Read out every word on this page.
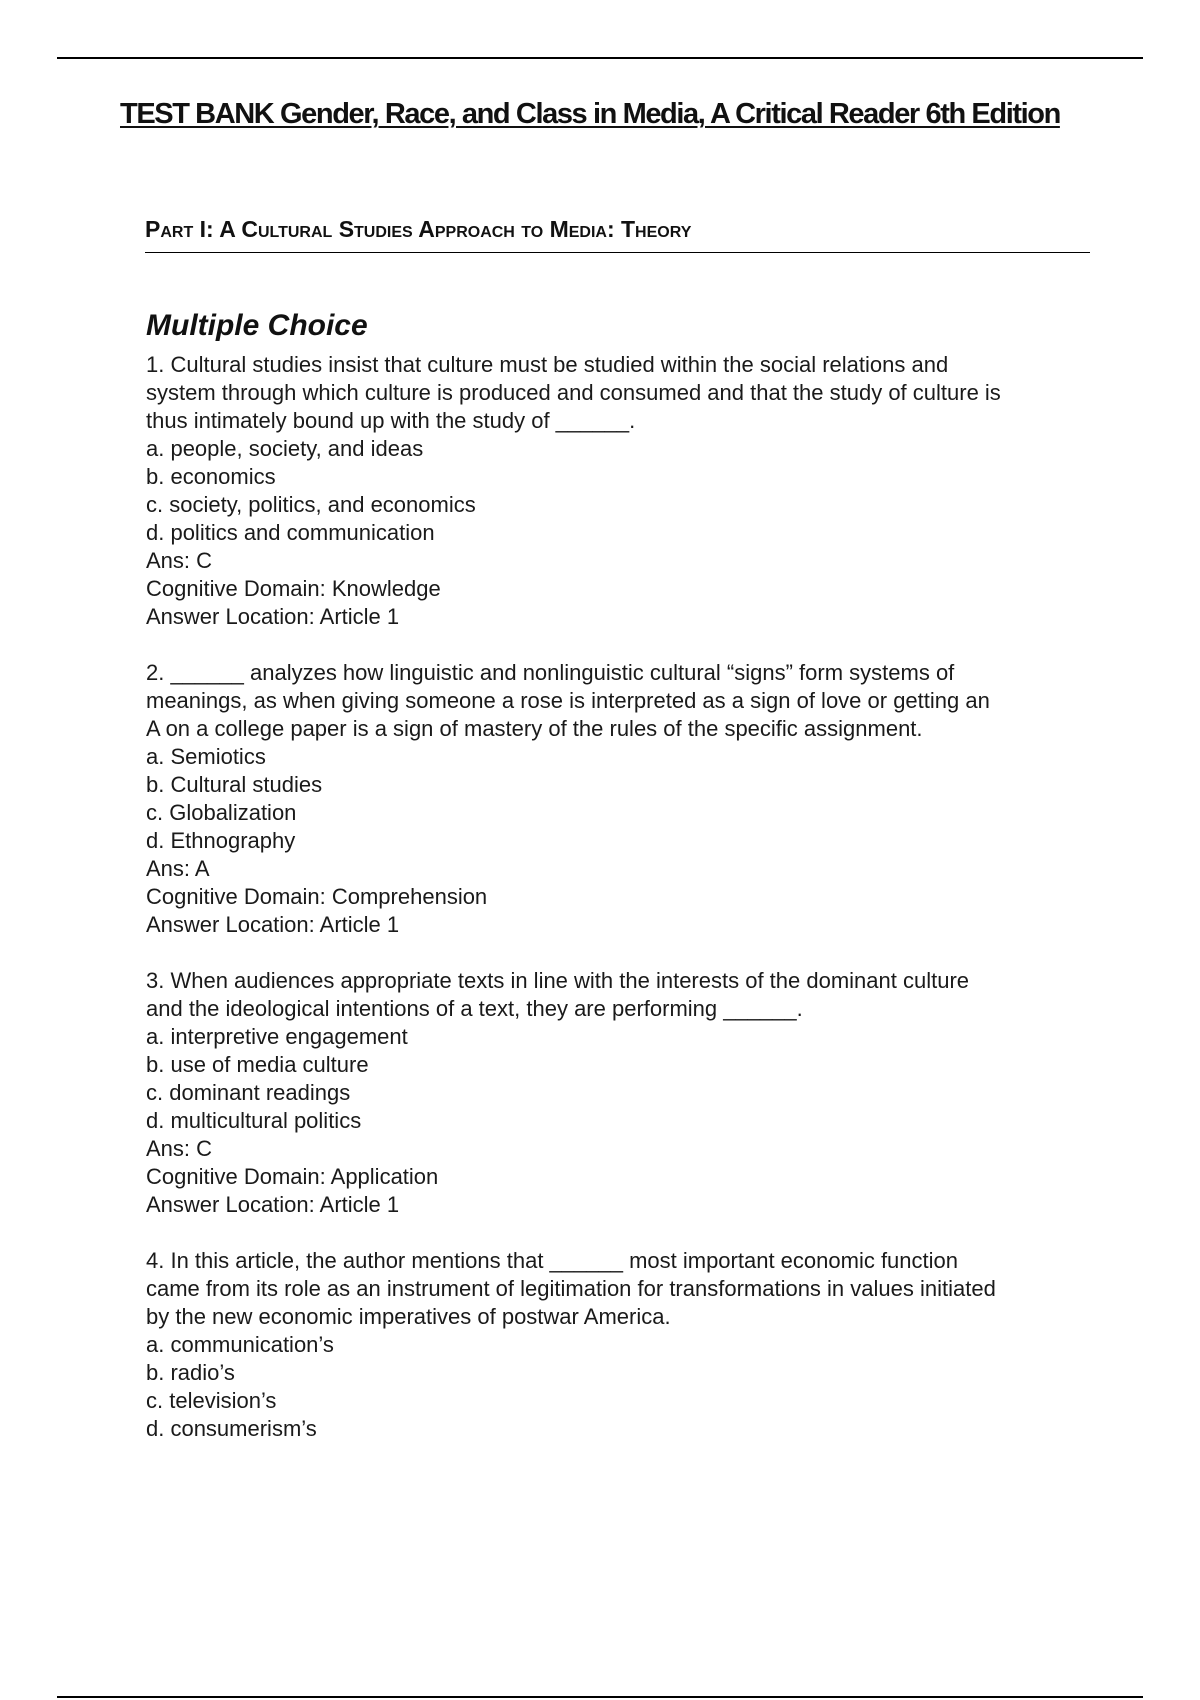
TEST BANK Gender, Race, and Class in Media, A Critical Reader 6th Edition
Part I: A Cultural Studies Approach to Media: Theory
Multiple Choice
1. Cultural studies insist that culture must be studied within the social relations and
system through which culture is produced and consumed and that the study of culture is
thus intimately bound up with the study of ______.
a. people, society, and ideas
b. economics
c. society, politics, and economics
d. politics and communication
Ans: C
Cognitive Domain: Knowledge
Answer Location: Article 1
2. ______ analyzes how linguistic and nonlinguistic cultural “signs” form systems of
meanings, as when giving someone a rose is interpreted as a sign of love or getting an
A on a college paper is a sign of mastery of the rules of the specific assignment.
a. Semiotics
b. Cultural studies
c. Globalization
d. Ethnography
Ans: A
Cognitive Domain: Comprehension
Answer Location: Article 1
3. When audiences appropriate texts in line with the interests of the dominant culture
and the ideological intentions of a text, they are performing ______.
a. interpretive engagement
b. use of media culture
c. dominant readings
d. multicultural politics
Ans: C
Cognitive Domain: Application
Answer Location: Article 1
4. In this article, the author mentions that ______ most important economic function
came from its role as an instrument of legitimation for transformations in values initiated
by the new economic imperatives of postwar America.
a. communication’s
b. radio’s
c. television’s
d. consumerism’s
